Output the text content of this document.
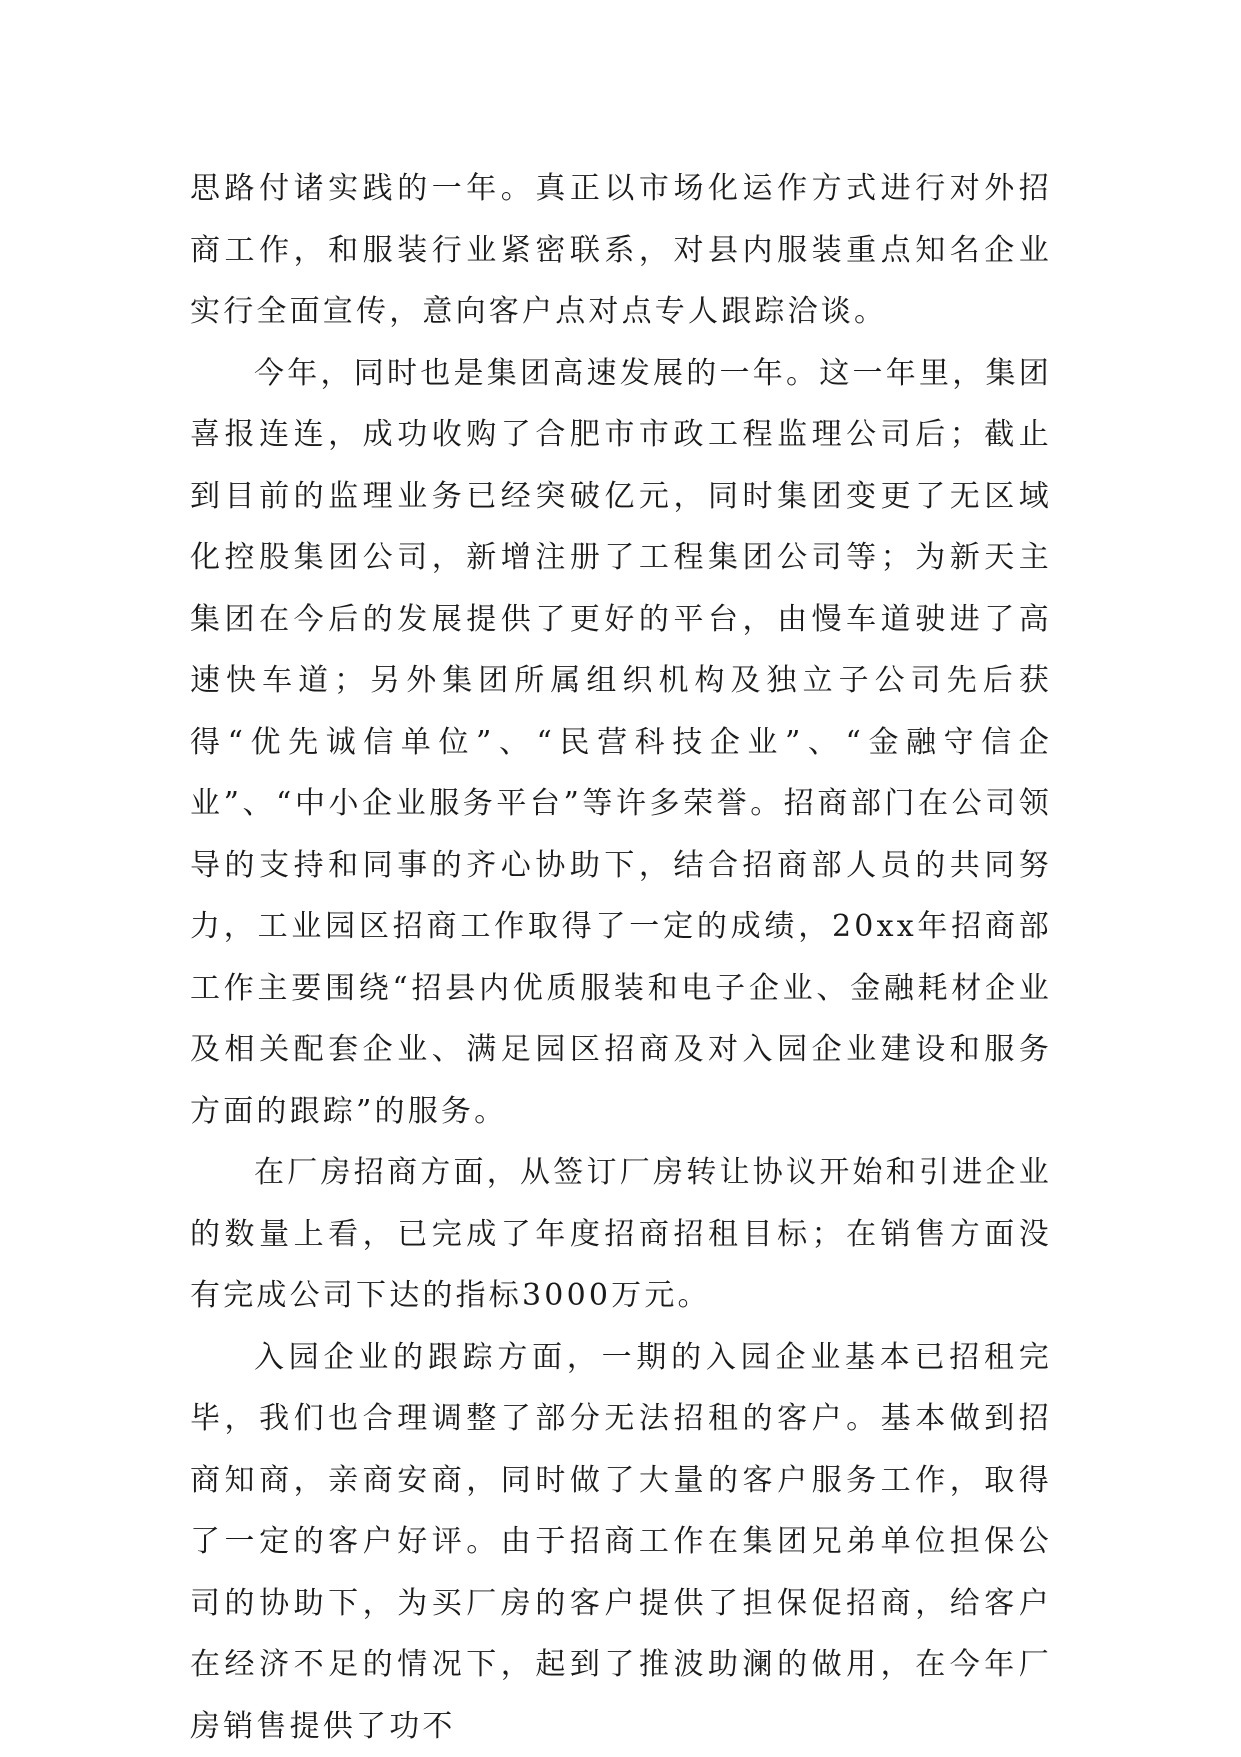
思路付诸实践的一年。真正以市场化运作方式进行对外招商工作，和服装行业紧密联系，对县内服装重点知名企业实行全面宣传，意向客户点对点专人跟踪洽谈。

今年，同时也是集团高速发展的一年。这一年里，集团喜报连连，成功收购了合肥市市政工程监理公司后；截止到目前的监理业务已经突破亿元，同时集团变更了无区域化控股集团公司，新增注册了工程集团公司等；为新天主集团在今后的发展提供了更好的平台，由慢车道驶进了高速快车道；另外集团所属组织机构及独立子公司先后获得“优先诚信单位”、“民营科技企业”、“金融守信企业”、“中小企业服务平台”等许多荣誉。招商部门在公司领导的支持和同事的齐心协助下，结合招商部人员的共同努力，工业园区招商工作取得了一定的成绩，20xx年招商部工作主要围绕“招县内优质服装和电子企业、金融耗材企业及相关配套企业、满足园区招商及对入园企业建设和服务方面的跟踪”的服务。

在厂房招商方面，从签订厂房转让协议开始和引进企业的数量上看，已完成了年度招商招租目标；在销售方面没有完成公司下达的指标3000万元。

入园企业的跟踪方面，一期的入园企业基本已招租完毕，我们也合理调整了部分无法招租的客户。基本做到招商知商，亲商安商，同时做了大量的客户服务工作，取得了一定的客户好评。由于招商工作在集团兄弟单位担保公司的协助下，为买厂房的客户提供了担保促招商，给客户在经济不足的情况下，起到了推波助澜的做用，在今年厂房销售提供了功不
